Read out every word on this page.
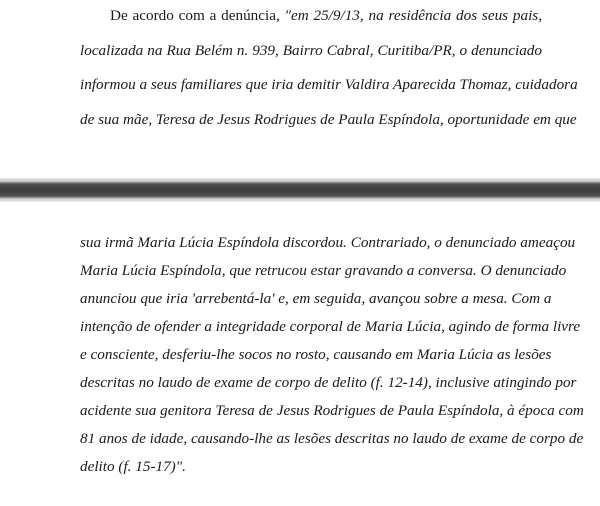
De acordo com a denúncia, "em 25/9/13, na residência dos seus pais,
localizada na Rua Belém n. 939, Bairro Cabral, Curitiba/PR, o denunciado
informou a seus familiares que iria demitir Valdira Aparecida Thomaz, cuidadora
de sua mãe, Teresa de Jesus Rodrigues de Paula Espíndola, oportunidade em que
sua irmã Maria Lúcia Espíndola discordou. Contrariado, o denunciado ameaçou
Maria Lúcia Espíndola, que retrucou estar gravando a conversa. O denunciado
anunciou que iria 'arrebentá-la' e, em seguida, avançou sobre a mesa. Com a
intenção de ofender a integridade corporal de Maria Lúcia, agindo de forma livre
e consciente, desferiu-lhe socos no rosto, causando em Maria Lúcia as lesões
descritas no laudo de exame de corpo de delito (f. 12-14), inclusive atingindo por
acidente sua genitora Teresa de Jesus Rodrigues de Paula Espíndola, à época com
81 anos de idade, causando-lhe as lesões descritas no laudo de exame de corpo de
delito (f. 15-17)".
